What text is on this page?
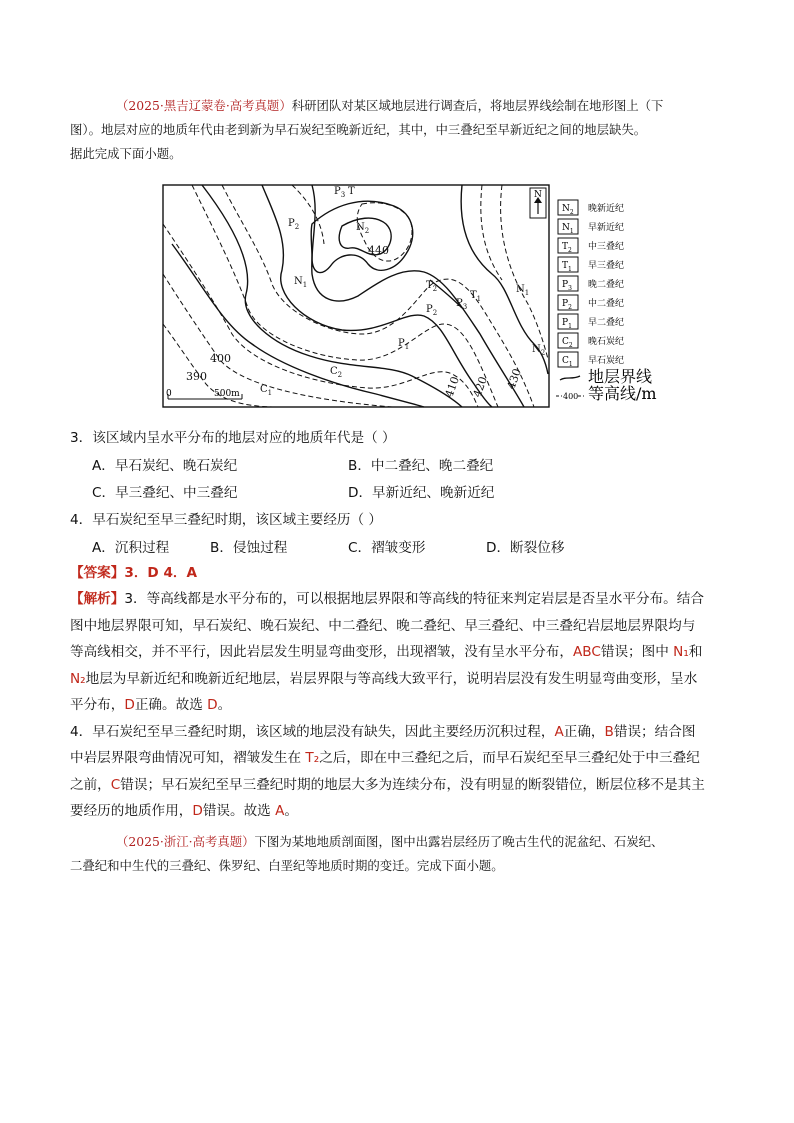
（2025·黑吉辽蒙卷·高考真题）科研团队对某区域地层进行调查后，将地层界线绘制在地形图上（下
图）。地层对应的地质年代由老到新为早石炭纪至晚新近纪，其中，中三叠纪至早新近纪之间的地层缺失。
据此完成下面小题。
0	500m
$P_3$ T
$P_2$	$N_2$
$N_1$	$T_2$
$T_1$
$N_1$
$P_2$
$P_3$
$P_1$	$N_2$
$C_2$
$C_1$
440
400
390	410 420 430
N
$N_2$ 晚新近纪
$N_1$ 早新近纪
$T_2$ 中三叠纪
$T_1$ 早三叠纪
$P_3$ 晚二叠纪
$P_2$ 中二叠纪
$P_1$ 早二叠纪
$C_2$ 晚石炭纪
$C_1$ 早石炭纪
地层界线
400 等高线/m
3．该区域内呈水平分布的地层对应的地质年代是（ ）
A．早石炭纪、晚石炭纪	B．中二叠纪、晚二叠纪
C．早三叠纪、中三叠纪	D．早新近纪、晚新近纪
4．早石炭纪至早三叠纪时期，该区域主要经历（ ）
A．沉积过程	B．侵蚀过程	C．褶皱变形	D．断裂位移
【答案】3．D 4．A
【解析】3．等高线都是水平分布的，可以根据地层界限和等高线的特征来判定岩层是否呈水平分布。结合
图中地层界限可知，早石炭纪、晚石炭纪、中二叠纪、晚二叠纪、早三叠纪、中三叠纪岩层地层界限均与
等高线相交，并不平行，因此岩层发生明显弯曲变形，出现褶皱，没有呈水平分布，ABC错误；图中 N₁和
N₂地层为早新近纪和晚新近纪地层，岩层界限与等高线大致平行，说明岩层没有发生明显弯曲变形，呈水
平分布，D正确。故选 D。
4．早石炭纪至早三叠纪时期，该区域的地层没有缺失，因此主要经历沉积过程，A正确，B错误；结合图
中岩层界限弯曲情况可知，褶皱发生在 T₂之后，即在中三叠纪之后，而早石炭纪至早三叠纪处于中三叠纪
之前，C错误；早石炭纪至早三叠纪时期的地层大多为连续分布，没有明显的断裂错位，断层位移不是其主
要经历的地质作用，D错误。故选 A。
（2025·浙江·高考真题）下图为某地地质剖面图，图中出露岩层经历了晚古生代的泥盆纪、石炭纪、
二叠纪和中生代的三叠纪、侏罗纪、白垩纪等地质时期的变迁。完成下面小题。
